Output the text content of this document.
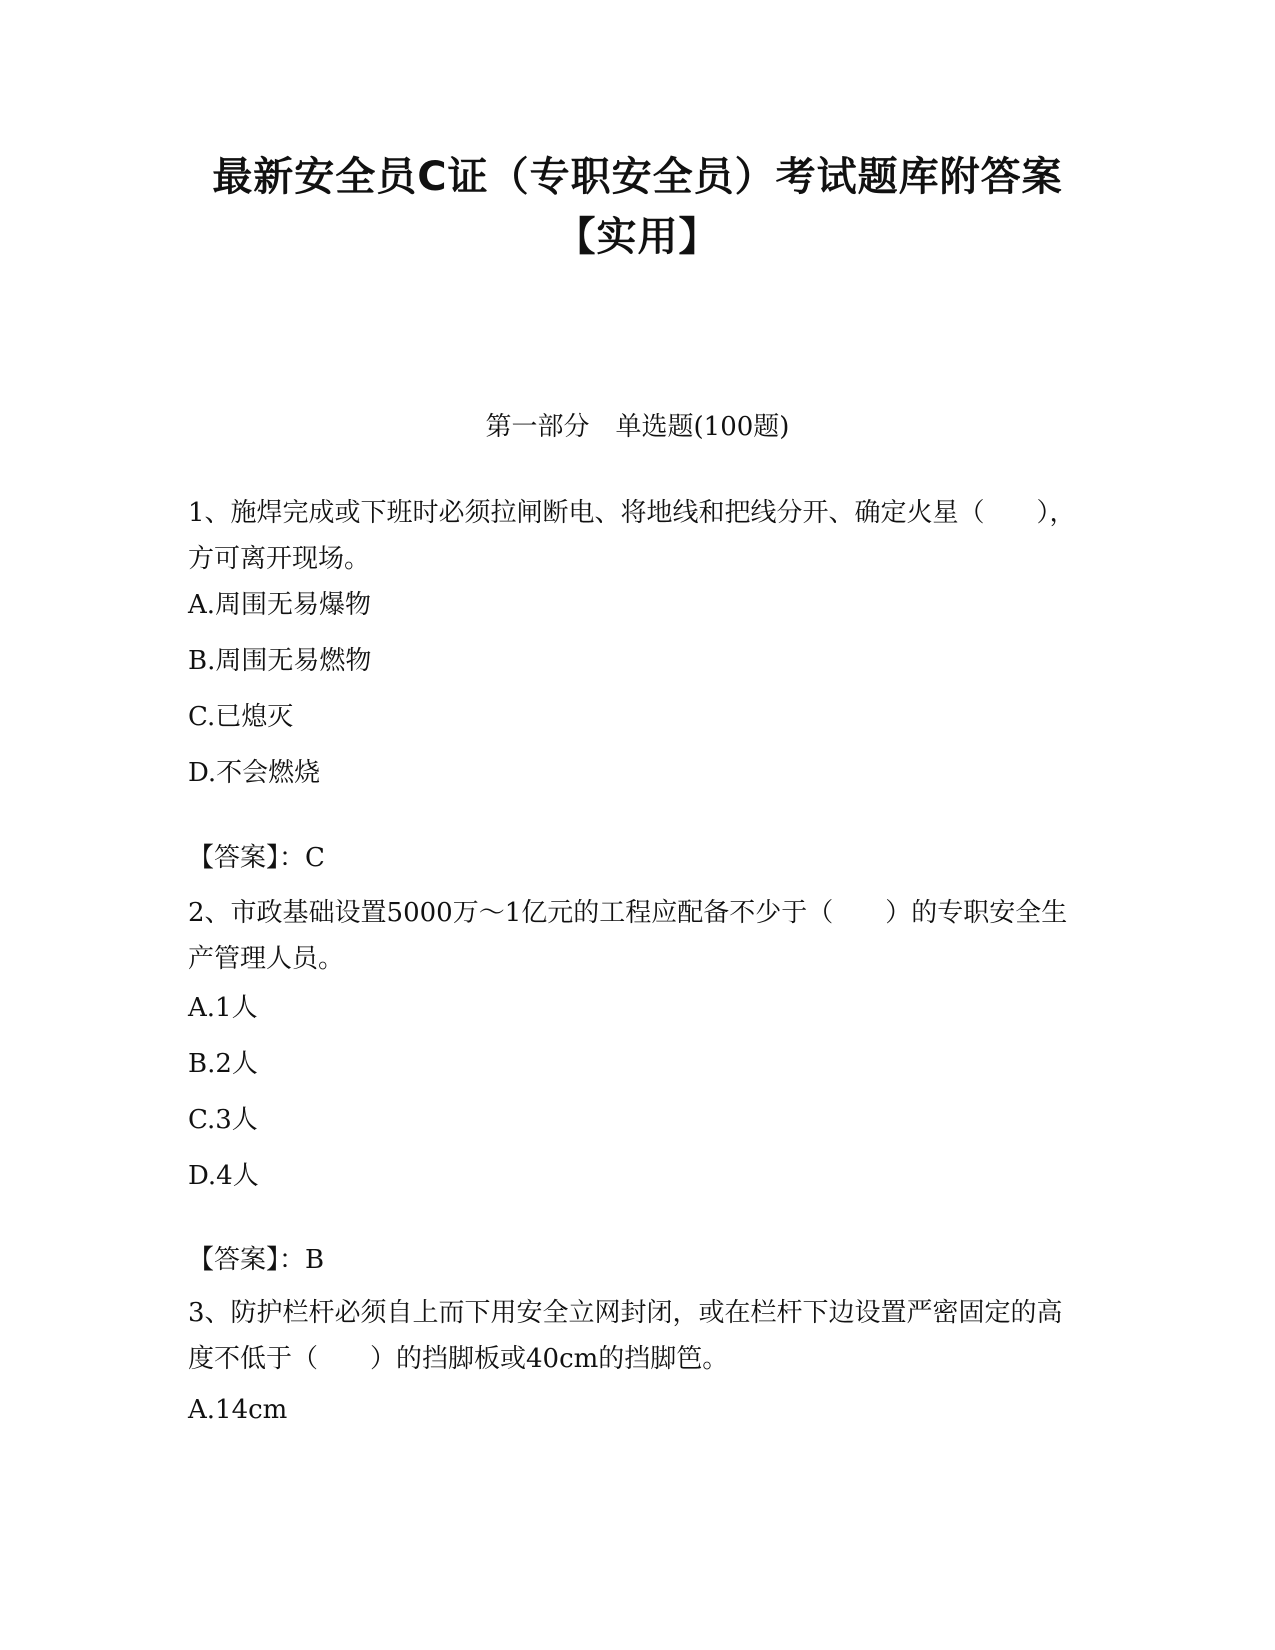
最新安全员C证（专职安全员）考试题库附答案
【实用】
第一部分　单选题(100题)

1、施焊完成或下班时必须拉闸断电、将地线和把线分开、确定火星（　　），方可离开现场。

A.周围无易爆物

B.周围无易燃物

C.已熄灭

D.不会燃烧

【答案】：C

2、市政基础设置5000万～1亿元的工程应配备不少于（　　）的专职安全生产管理人员。

A.1人

B.2人

C.3人

D.4人

【答案】：B

3、防护栏杆必须自上而下用安全立网封闭，或在栏杆下边设置严密固定的高度不低于（　　）的挡脚板或40cm的挡脚笆。

A.14cm
